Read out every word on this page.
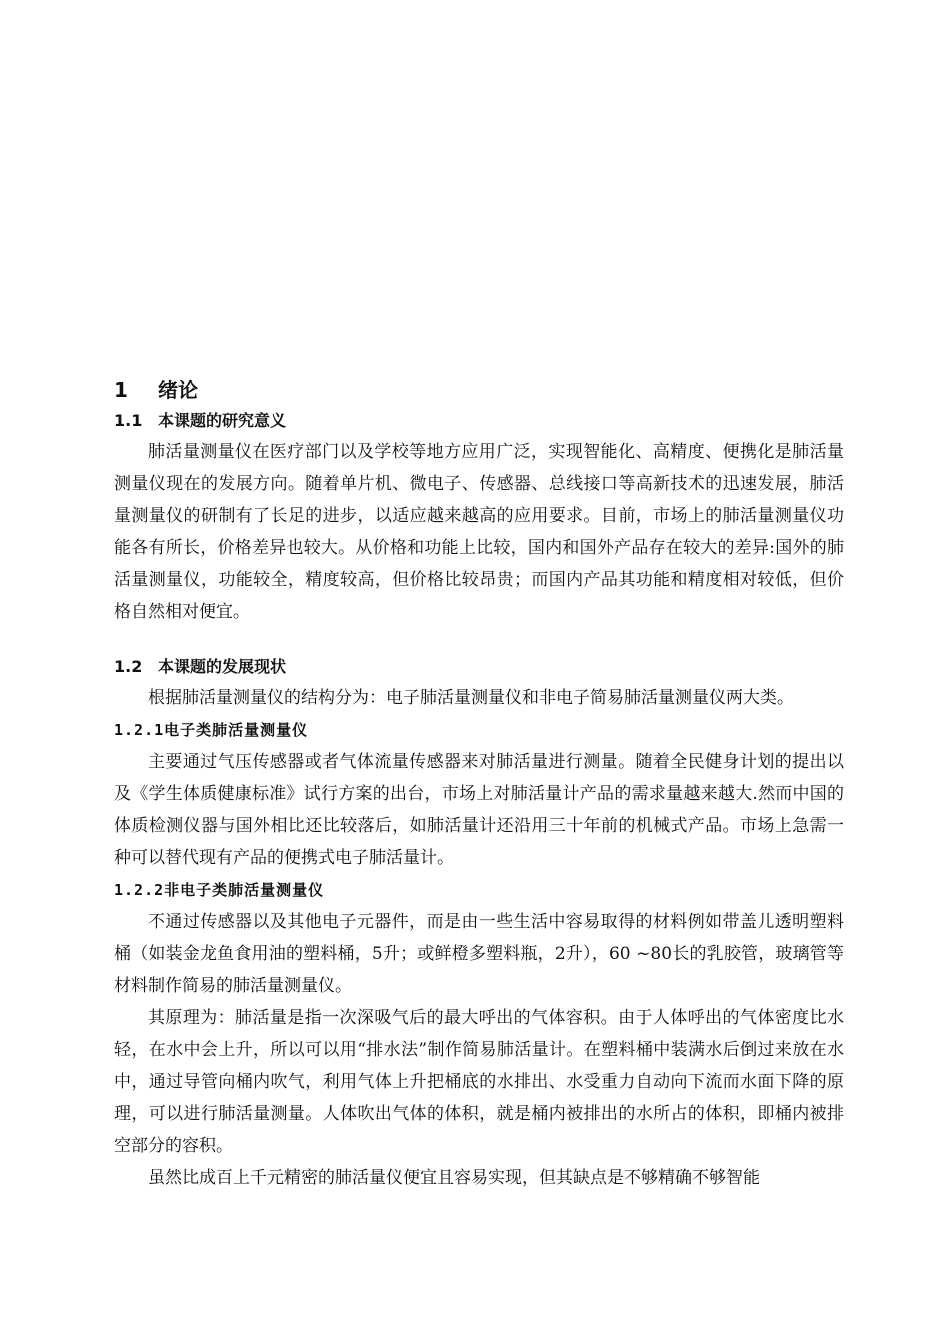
1 绪论
1.1 本课题的研究意义

肺活量测量仪在医疗部门以及学校等地方应用广泛，实现智能化、高精度、便携化是肺活量测量仪现在的发展方向。随着单片机、微电子、传感器、总线接口等高新技术的迅速发展，肺活量测量仪的研制有了长足的进步，以适应越来越高的应用要求。目前，市场上的肺活量测量仪功能各有所长，价格差异也较大。从价格和功能上比较，国内和国外产品存在较大的差异:国外的肺活量测量仪，功能较全，精度较高，但价格比较昂贵；而国内产品其功能和精度相对较低，但价格自然相对便宜。

1.2 本课题的发展现状

根据肺活量测量仪的结构分为：电子肺活量测量仪和非电子简易肺活量测量仪两大类。

1.2.1电子类肺活量测量仪

主要通过气压传感器或者气体流量传感器来对肺活量进行测量。随着全民健身计划的提出以及《学生体质健康标准》试行方案的出台，市场上对肺活量计产品的需求量越来越大.然而中国的体质检测仪器与国外相比还比较落后，如肺活量计还沿用三十年前的机械式产品。市场上急需一种可以替代现有产品的便携式电子肺活量计。

1.2.2非电子类肺活量测量仪

不通过传感器以及其他电子元器件，而是由一些生活中容易取得的材料例如带盖儿透明塑料桶（如装金龙鱼食用油的塑料桶，5升；或鲜橙多塑料瓶，2升），60 ~80长的乳胶管，玻璃管等材料制作简易的肺活量测量仪。

其原理为：肺活量是指一次深吸气后的最大呼出的气体容积。由于人体呼出的气体密度比水轻，在水中会上升，所以可以用“排水法”制作简易肺活量计。在塑料桶中装满水后倒过来放在水中，通过导管向桶内吹气，利用气体上升把桶底的水排出、水受重力自动向下流而水面下降的原理，可以进行肺活量测量。人体吹出气体的体积，就是桶内被排出的水所占的体积，即桶内被排空部分的容积。

虽然比成百上千元精密的肺活量仪便宜且容易实现，但其缺点是不够精确不够智能
